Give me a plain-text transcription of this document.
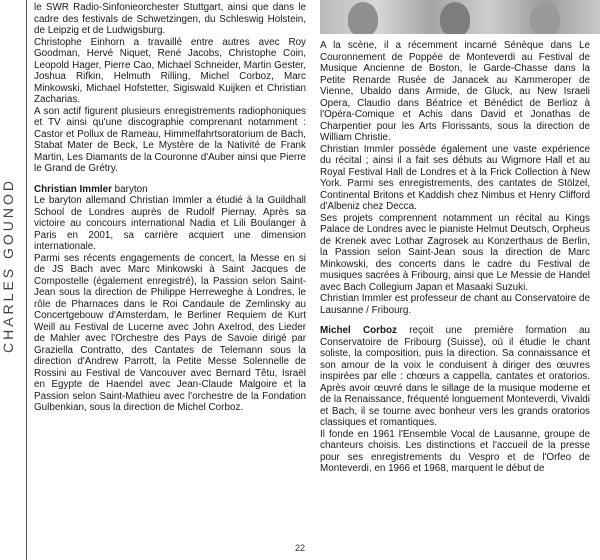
CHARLES GOUNOD

le SWR Radio-Sinfonieorchester Stuttgart, ainsi que dans le cadre des festivals de Schwetzingen, du Schleswig Holstein, de Leipzig et de Ludwigsburg.

Christophe Einhorn a travaillé entre autres avec Roy Goodman, Hervé Niquet, René Jacobs, Christophe Coin, Leopold Hager, Pierre Cao, Michael Schneider, Martin Gester, Joshua Rifkin, Helmuth Rilling, Michel Corboz, Marc Minkowski, Michael Hofstetter, Sigiswald Kuijken et Christian Zacharias.

A son actif figurent plusieurs enregistrements radiophoniques et TV ainsi qu'une discographie comprenant notamment : Castor et Pollux de Rameau, Himmelfahrtsoratorium de Bach, Stabat Mater de Beck, Le Mystère de la Nativité de Frank Martin, Les Diamants de la Couronne d'Auber ainsi que Pierre le Grand de Grétry.

Christian Immler baryton

Le baryton allemand Christian Immler a étudié à la Guildhall School de Londres auprès de Rudolf Piernay. Après sa victoire au concours international Nadia et Lili Boulanger à Paris en 2001, sa carrière acquiert une dimension internationale.

Parmi ses récents engagements de concert, la Messe en si de JS Bach avec Marc Minkowski à Saint Jacques de Compostelle (également enregistré), la Passion selon Saint-Jean sous la direction de Philippe Herreweghe à Londres, le rôle de Pharnaces dans le Roi Candaule de Zemlinsky au Concertgebouw d'Amsterdam, le Berliner Requiem de Kurt Weill au Festival de Lucerne avec John Axelrod, des Lieder de Mahler avec l'Orchestre des Pays de Savoie dirigé par Graziella Contratto, des Cantates de Telemann sous la direction d'Andrew Parrott, la Petite Messe Solennelle de Rossini au Festival de Vancouver avec Bernard Têtu, Israël en Egypte de Haendel avec Jean-Claude Malgoire et la Passion selon Saint-Mathieu avec l'orchestre de la Fondation Gulbenkian, sous la direction de Michel Corboz.

A la scène, il a récemment incarné Sénèque dans Le Couronnement de Poppée de Monteverdi au Festival de Musique Ancienne de Boston, le Garde-Chasse dans la Petite Renarde Rusée de Janacek au Kammeroper de Vienne, Ubaldo dans Armide, de Gluck, au New Israeli Opera, Claudio dans Béatrice et Bénédict de Berlioz à l'Opéra-Comique et Achis dans David et Jonathas de Charpentier pour les Arts Florissants, sous la direction de William Christie.

Christian Immler possède également une vaste expérience du récital ; ainsi il a fait ses débuts au Wigmore Hall et au Royal Festival Hall de Londres et à la Frick Collection à New York. Parmi ses enregistrements, des cantates de Stölzel, Continental Britons et Kaddish chez Nimbus et Henry Clifford d'Albeniz chez Decca.

Ses projets comprennent notamment un récital au Kings Palace de Londres avec le pianiste Helmut Deutsch, Orpheus de Krenek avec Lothar Zagrosek au Konzerthaus de Berlin, la Passion selon Saint-Jean sous la direction de Marc Minkowski, des concerts dans le cadre du Festival de musiques sacrées à Fribourg, ainsi que Le Messie de Handel avec Bach Collegium Japan et Masaaki Suzuki.

Christian Immler est professeur de chant au Conservatoire de Lausanne / Fribourg.

Michel Corboz reçoit une première formation au Conservatoire de Fribourg (Suisse), où il étudie le chant soliste, la composition, puis la direction. Sa connaissance et son amour de la voix le conduisent à diriger des œuvres inspirées par elle : chœurs a cappella, cantates et oratorios. Après avoir œuvré dans le sillage de la musique moderne et de la Renaissance, fréquenté longuement Monteverdi, Vivaldi et Bach, il se tourne avec bonheur vers les grands oratorios classiques et romantiques.

Il fonde en 1961 l'Ensemble Vocal de Lausanne, groupe de chanteurs choisis. Les distinctions et l'accueil de la presse pour ses enregistrements du Vespro et de l'Orfeo de Monteverdi, en 1966 et 1968, marquent le début de

22
